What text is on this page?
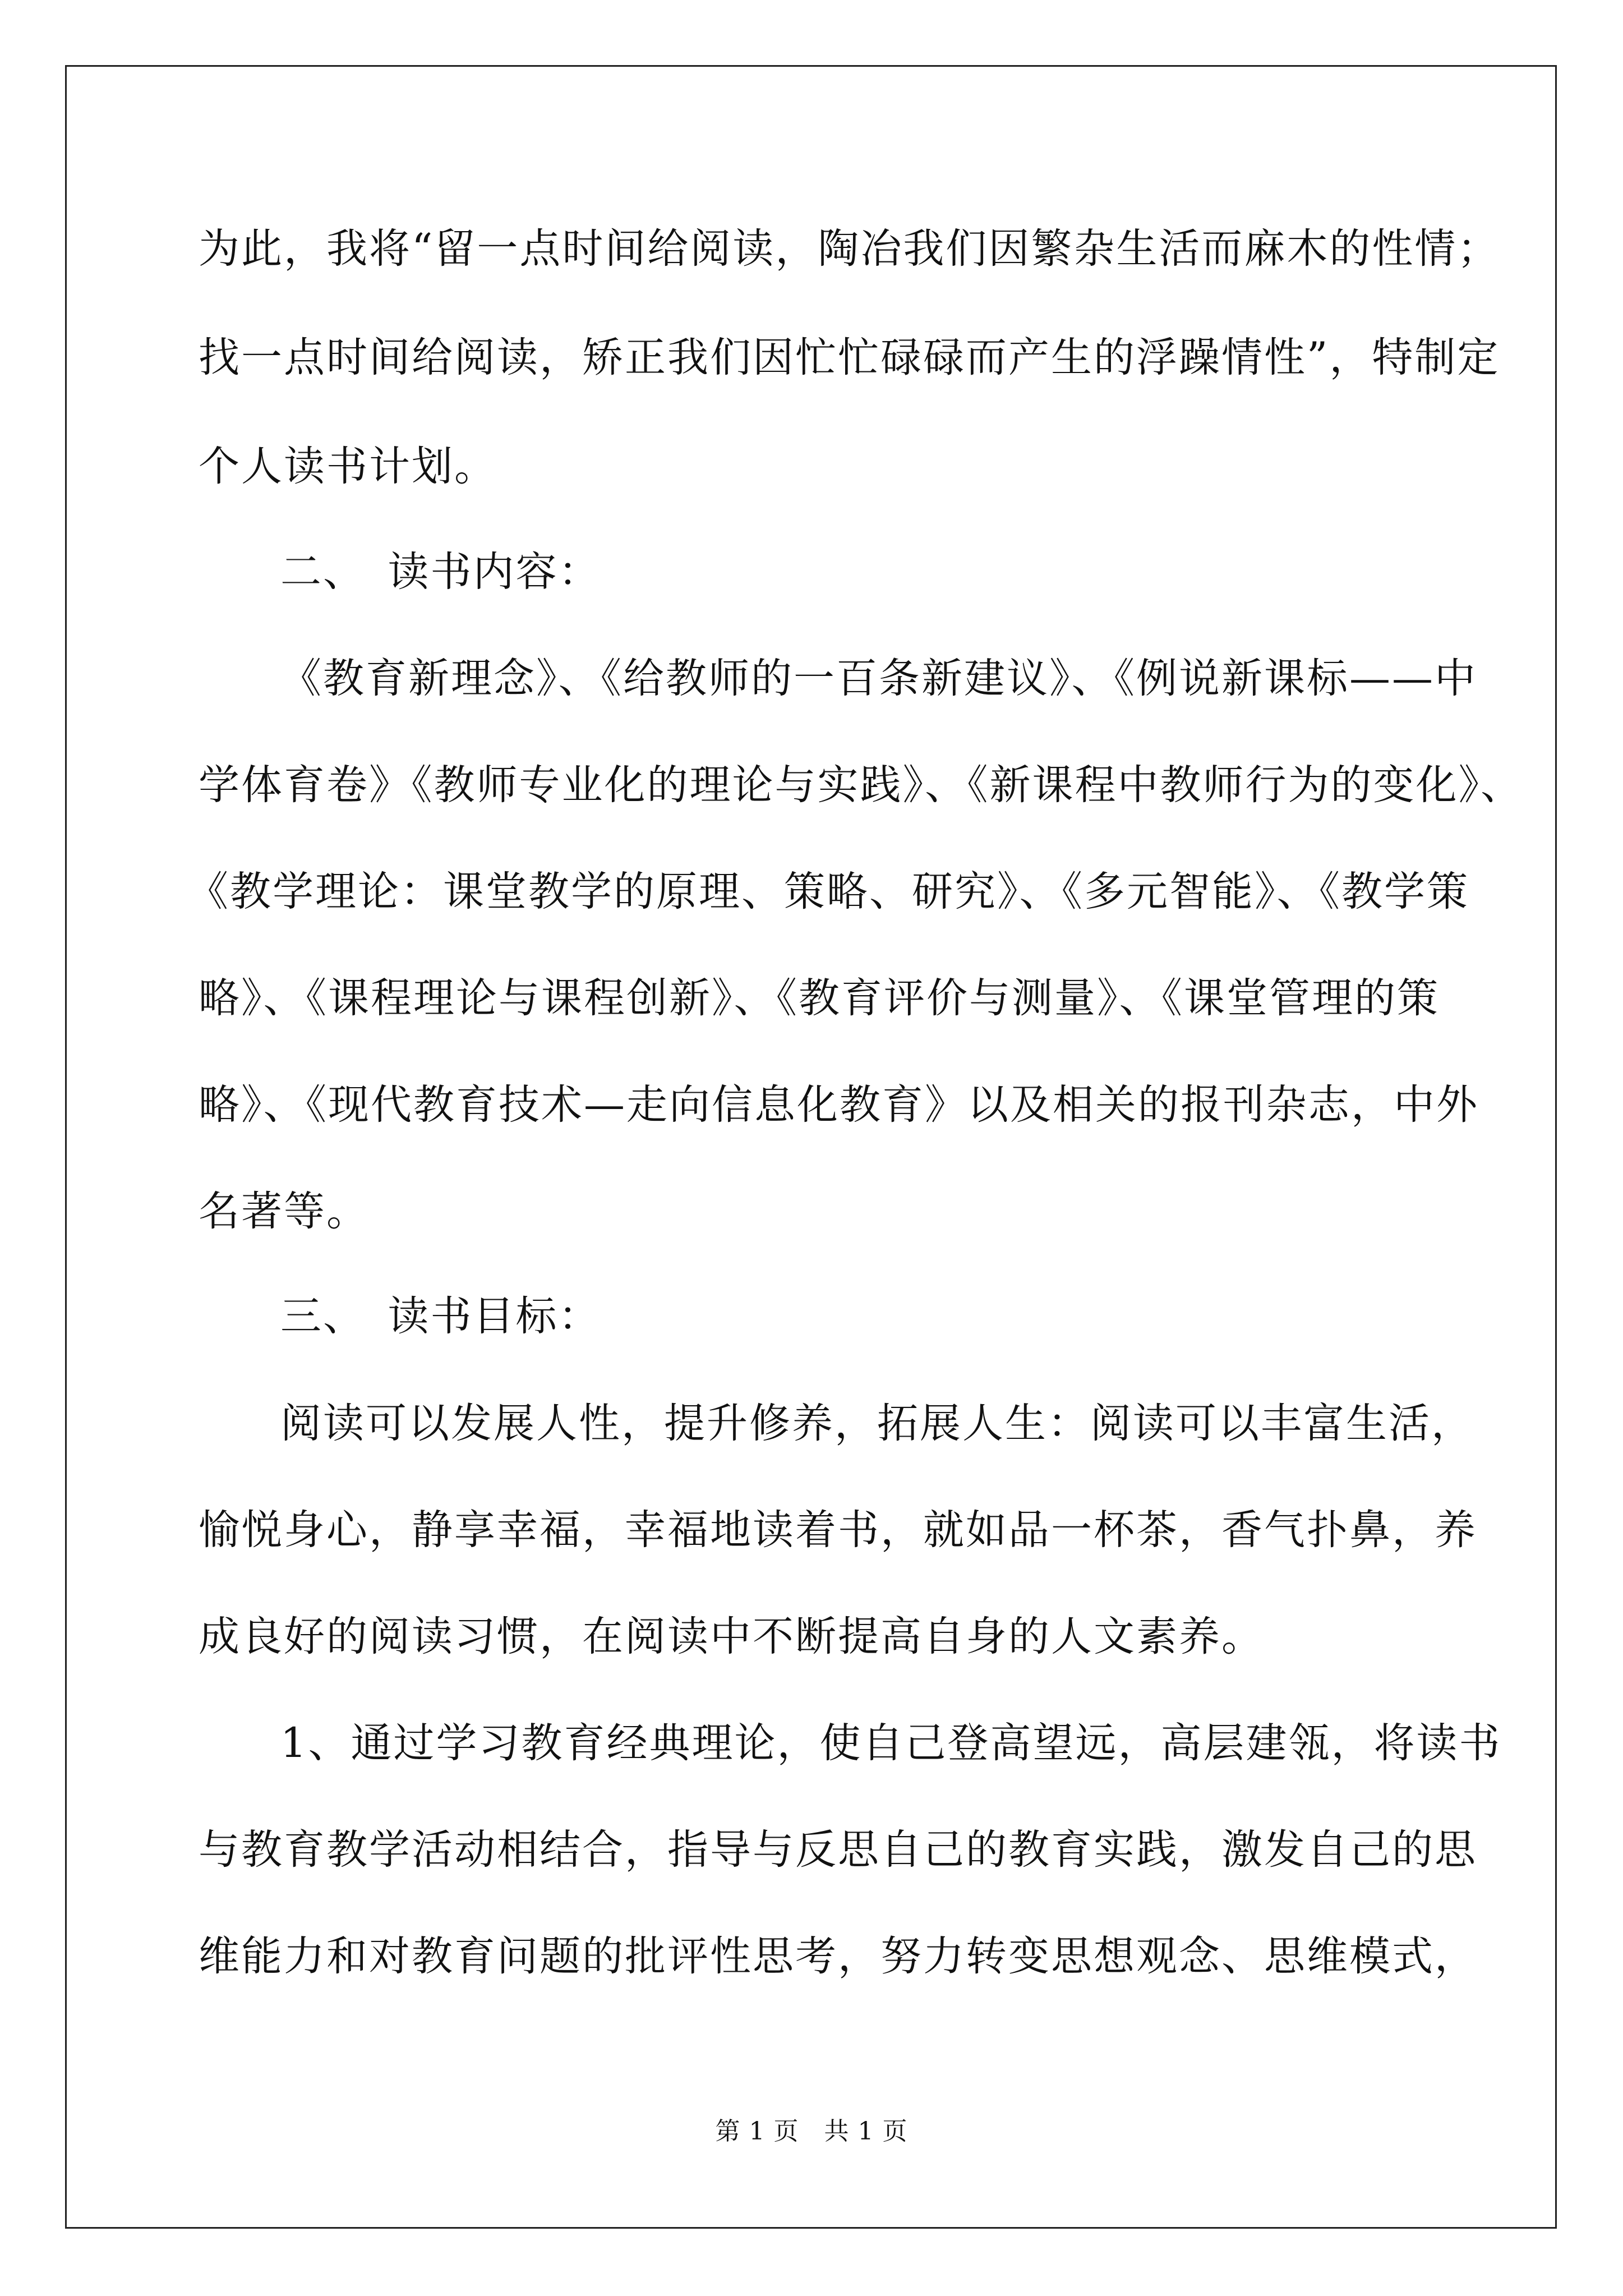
为此，我将“留一点时间给阅读，陶冶我们因繁杂生活而麻木的性情；
找一点时间给阅读，矫正我们因忙忙碌碌而产生的浮躁情性”，特制定
个人读书计划。
二、　读书内容：
《教育新理念》、《给教师的一百条新建议》、《例说新课标——中
学体育卷》《教师专业化的理论与实践》、《新课程中教师行为的变化》、
《教学理论：课堂教学的原理、策略、研究》、《多元智能》、《教学策
略》、《课程理论与课程创新》、《教育评价与测量》、《课堂管理的策
略》、《现代教育技术—走向信息化教育》以及相关的报刊杂志，中外
名著等。
三、　读书目标：
阅读可以发展人性，提升修养，拓展人生：阅读可以丰富生活，
愉悦身心，静享幸福，幸福地读着书，就如品一杯茶，香气扑鼻，养
成良好的阅读习惯，在阅读中不断提高自身的人文素养。
1、通过学习教育经典理论，使自己登高望远，高层建瓴，将读书
与教育教学活动相结合，指导与反思自己的教育实践，激发自己的思
维能力和对教育问题的批评性思考，努力转变思想观念、思维模式，
第 1 页　共 1 页
